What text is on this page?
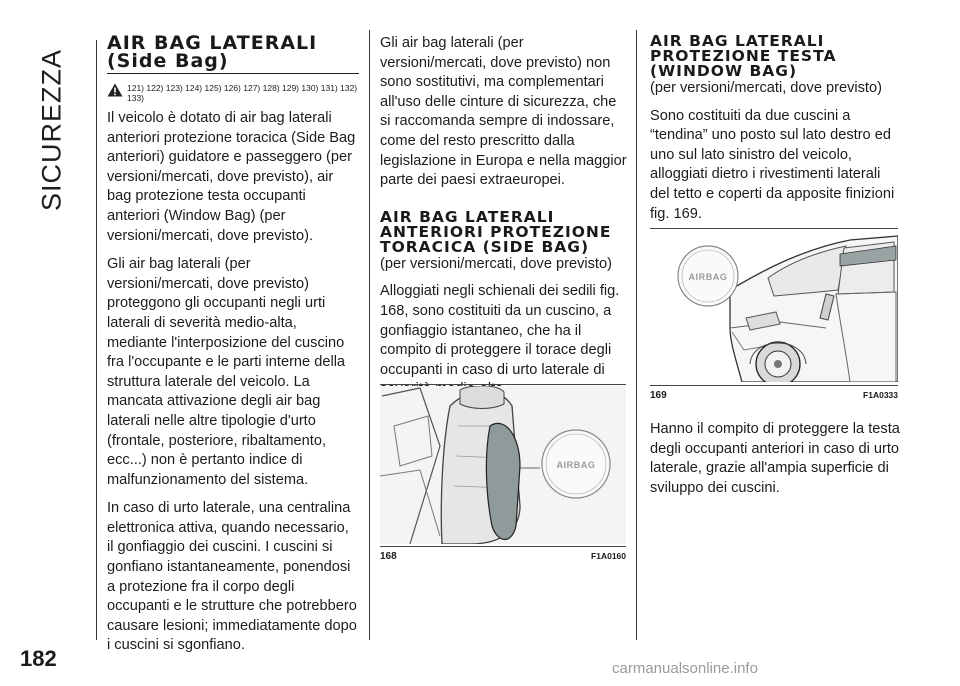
SICUREZZA
182
AIR BAG LATERALI
(Side Bag)
121) 122) 123) 124) 125) 126) 127) 128) 129) 130) 131) 132) 133)

Il veicolo è dotato di air bag laterali anteriori protezione toracica (Side Bag anteriori) guidatore e passeggero (per versioni/mercati, dove previsto), air bag protezione testa occupanti anteriori (Window Bag) (per versioni/mercati, dove previsto).

Gli air bag laterali (per versioni/mercati, dove previsto) proteggono gli occupanti negli urti laterali di severità medio-alta, mediante l'interposizione del cuscino fra l'occupante e le parti interne della struttura laterale del veicolo. La mancata attivazione degli air bag laterali nelle altre tipologie d'urto (frontale, posteriore, ribaltamento, ecc...) non è pertanto indice di malfunzionamento del sistema.

In caso di urto laterale, una centralina elettronica attiva, quando necessario, il gonfiaggio dei cuscini. I cuscini si gonfiano istantaneamente, ponendosi a protezione fra il corpo degli occupanti e le strutture che potrebbero causare lesioni; immediatamente dopo i cuscini si sgonfiano.

Gli air bag laterali (per versioni/mercati, dove previsto) non sono sostitutivi, ma complementari all'uso delle cinture di sicurezza, che si raccomanda sempre di indossare, come del resto prescritto dalla legislazione in Europa e nella maggior parte dei paesi extraeuropei.

AIR BAG LATERALI
ANTERIORI PROTEZIONE
TORACICA (SIDE BAG)

(per versioni/mercati, dove previsto)

Alloggiati negli schienali dei sedili fig. 168, sono costituiti da un cuscino, a gonfiaggio istantaneo, che ha il compito di proteggere il torace degli occupanti in caso di urto laterale di

AIRBAG
168	F1A0160
AIR BAG LATERALI
PROTEZIONE TESTA
(WINDOW BAG)

(per versioni/mercati, dove previsto)

Sono costituiti da due cuscini a “tendina” uno posto sul lato destro ed uno sul lato sinistro del veicolo, alloggiati dietro i rivestimenti laterali del tetto e coperti da apposite finizioni fig. 169.

AIRBAG
169	F1A0333

Hanno il compito di proteggere la testa degli occupanti anteriori in caso di urto laterale, grazie all'ampia superficie di sviluppo dei cuscini.

carmanualsonline.info
